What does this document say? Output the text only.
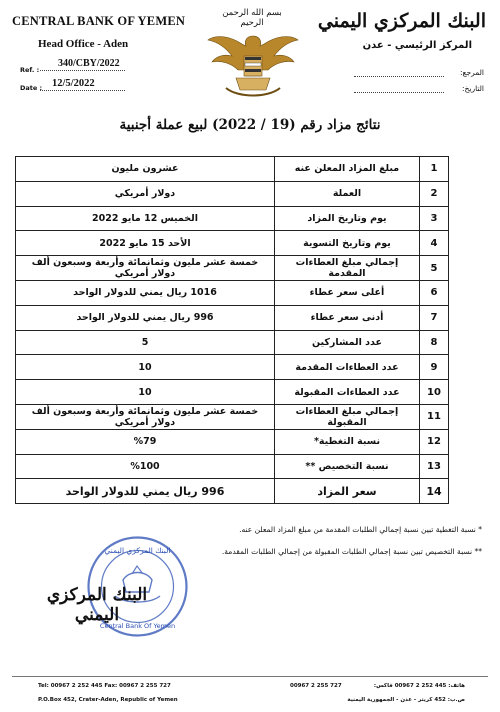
CENTRAL BANK OF YEMEN
Head Office - Aden
Ref. :
340/CBY/2022
Date : 12/5/2022
بسم الله الرحمن الرحيم	البنك المركزي اليمني
المركز الرئيسي - عدن
المرجع:
التاريخ:
نتائج مزاد رقم (19 / 2022) لبيع عملة أجنبية
1	مبلغ المزاد المعلن عنه	عشرون مليون
2	العملة	دولار أمريكي
3	يوم وتاريخ المزاد	الخميس 12 مايو 2022
4	يوم وتاريخ التسوية	الأحد 15 مايو 2022
5	إجمالي مبلغ العطاءات المقدمة	خمسة عشر مليون وثمانمائة وأربعة وسبعون ألف دولار أمريكي
6	أعلى سعر عطاء	1016 ريال يمني للدولار الواحد
7	أدنى سعر عطاء	996 ريال يمني للدولار الواحد
8	عدد المشاركين	5
9	عدد العطاءات المقدمة	10
10	عدد العطاءات المقبولة	10
11	إجمالي مبلغ العطاءات المقبولة	خمسة عشر مليون وثمانمائة وأربعة وسبعون ألف دولار أمريكي
12	نسبة التغطية*	%79
13	نسبة التخصيص **	%100
14	سعر المزاد	996 ريال يمني للدولار الواحد
* نسبة التغطية تبين نسبة إجمالي الطلبات المقدمة من مبلغ المزاد المعلن عنه.
** نسبة التخصيص تبين نسبة إجمالي الطلبات المقبولة من إجمالي الطلبات المقدمة.
البنك المركزي اليمني
Central Bank Of Yemen
البنك المركزي اليمني
Tel: 00967 2 252 445 Fax: 00967 2 255 727
P.O.Box 452, Crater-Aden, Republic of Yemen
00967 2 255 727	هاتف: 445 252 2 00967 فاكس:
ص.ب: 452 كريتر - عدن - الجمهورية اليمنية
